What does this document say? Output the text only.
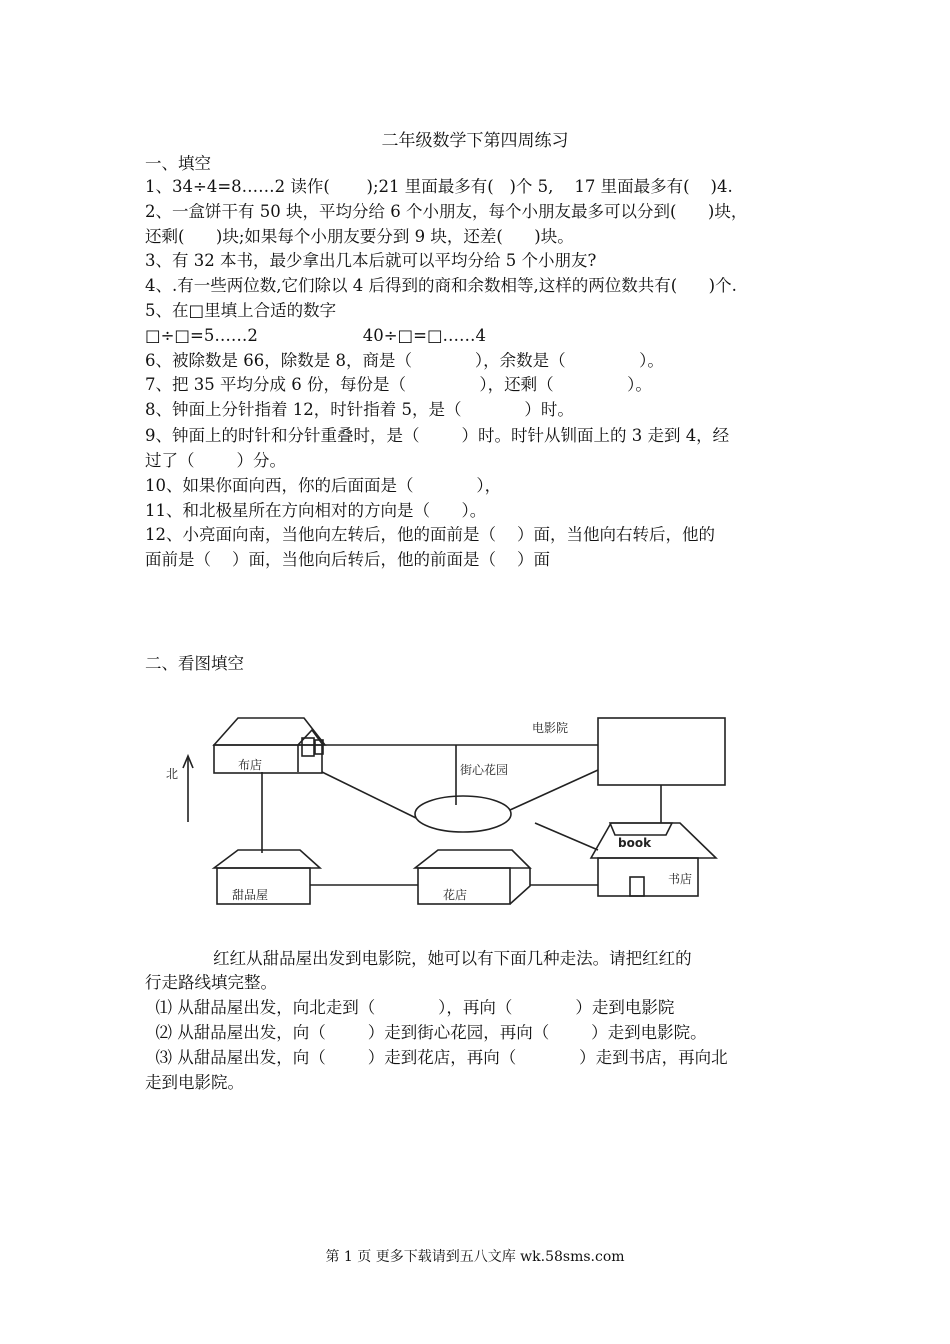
二年级数学下第四周练习
一、填空
1、34÷4=8……2 读作(       );21 里面最多有(   )个 5,    17 里面最多有(    )4.
2、一盒饼干有 50 块，平均分给 6 个小朋友，每个小朋友最多可以分到(      )块，
还剩(      )块;如果每个小朋友要分到 9 块，还差(      )块。
3、有 32 本书，最少拿出几本后就可以平均分给 5 个小朋友?
4、.有一些两位数,它们除以 4 后得到的商和余数相等,这样的两位数共有(      )个.
5、在□里填上合适的数字
□÷□=5……2                    40÷□=□……4
6、被除数是 66，除数是 8，商是（            ），余数是（              ）。
7、把 35 平均分成 6 份，每份是（              ），还剩（              ）。
8、钟面上分针指着 12，时针指着 5，是（            ）时。
9、钟面上的时针和分针重叠时，是（        ）时。时针从钏面上的 3 走到 4，经
过了（        ）分。
10、如果你面向西，你的后面面是（            ），
11、和北极星所在方向相对的方向是（      ）。
12、小亮面向南，当他向左转后，他的面前是（    ）面，当他向右转后，他的
面前是（    ）面，当他向后转后，他的前面是（    ）面
二、看图填空
北
布店
电影院
街心花园
甜品屋	花店
book
书店
红红从甜品屋出发到电影院，她可以有下面几种走法。请把红红的
行走路线填完整。
⑴ 从甜品屋出发，向北走到（            ），再向（            ）走到电影院
⑵ 从甜品屋出发，向（        ）走到街心花园，再向（        ）走到电影院。
⑶ 从甜品屋出发，向（        ）走到花店，再向（            ）走到书店，再向北
走到电影院。
第 1 页 更多下载请到五八文库 wk.58sms.com
